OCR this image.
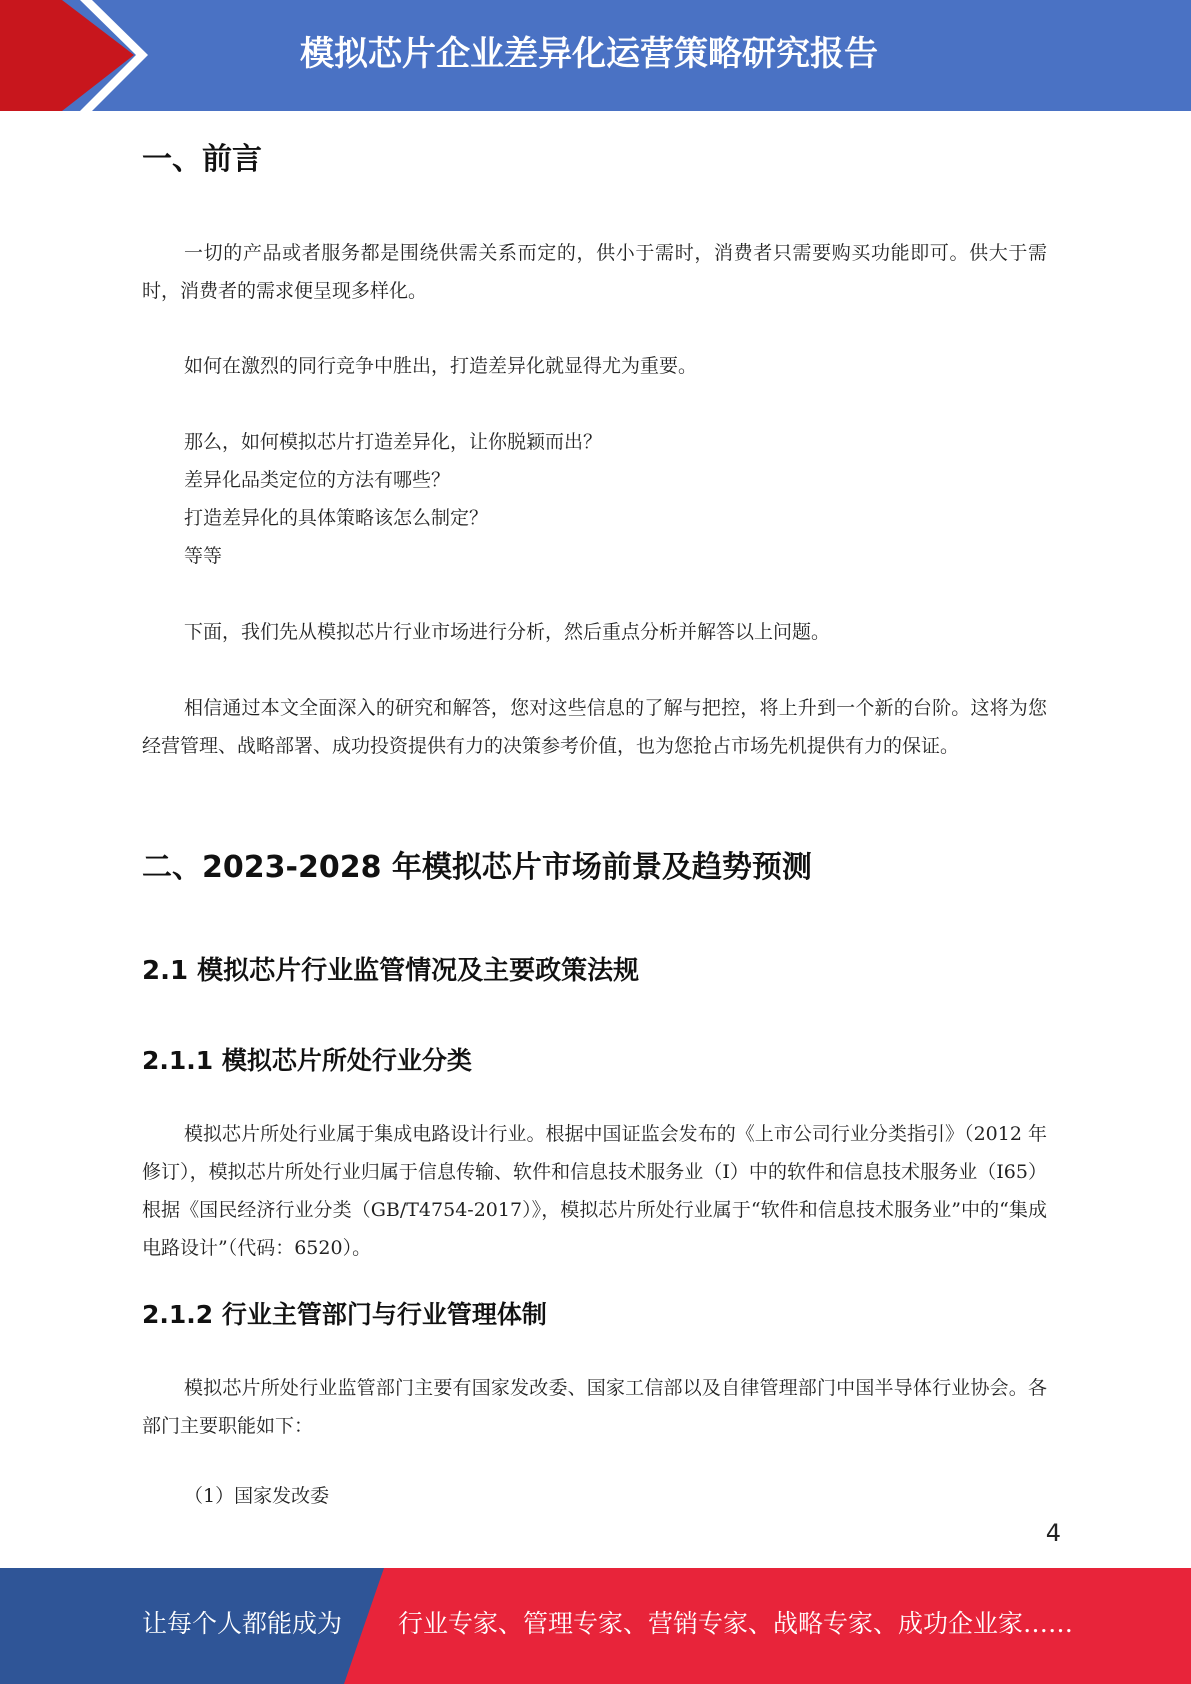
模拟芯片企业差异化运营策略研究报告
一、前言

一切的产品或者服务都是围绕供需关系而定的，供小于需时，消费者只需要购买功能即可。供大于需时，消费者的需求便呈现多样化。

如何在激烈的同行竞争中胜出，打造差异化就显得尤为重要。

那么，如何模拟芯片打造差异化，让你脱颖而出？

差异化品类定位的方法有哪些？

打造差异化的具体策略该怎么制定？

等等

下面，我们先从模拟芯片行业市场进行分析，然后重点分析并解答以上问题。

相信通过本文全面深入的研究和解答，您对这些信息的了解与把控，将上升到一个新的台阶。这将为您经营管理、战略部署、成功投资提供有力的决策参考价值，也为您抢占市场先机提供有力的保证。

二、2023-2028 年模拟芯片市场前景及趋势预测
2.1 模拟芯片行业监管情况及主要政策法规
2.1.1 模拟芯片所处行业分类

模拟芯片所处行业属于集成电路设计行业。根据中国证监会发布的《上市公司行业分类指引》（2012 年修订），模拟芯片所处行业归属于信息传输、软件和信息技术服务业（I）中的软件和信息技术服务业（I65）根据《国民经济行业分类（GB/T4754-2017）》，模拟芯片所处行业属于“软件和信息技术服务业”中的“集成电路设计”（代码：6520）。

2.1.2 行业主管部门与行业管理体制

模拟芯片所处行业监管部门主要有国家发改委、国家工信部以及自律管理部门中国半导体行业协会。各部门主要职能如下：

（1）国家发改委

4
让每个人都能成为 行业专家、管理专家、营销专家、战略专家、成功企业家……
